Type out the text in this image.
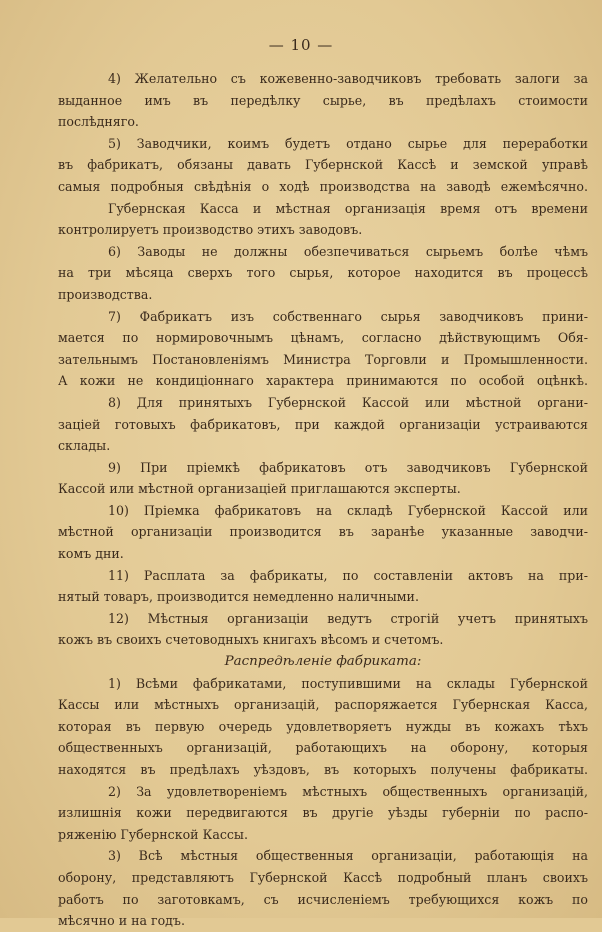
— 10 —
4) Желательно съ кожевенно-заводчиковъ требовать залоги за
выданное имъ въ передѣлку сырье, въ предѣлахъ стоимости
послѣдняго.
5) Заводчики, коимъ будетъ отдано сырье для переработки
въ фабрикатъ, обязаны давать Губернской Кассѣ и земской управѣ
самыя подробныя свѣдѣнія о ходѣ производства на заводѣ ежемѣсячно.
Губернская Касса и мѣстная организація время отъ времени
контролируетъ производство этихъ заводовъ.
6) Заводы не должны обезпечиваться сырьемъ болѣе чѣмъ
на три мѣсяца сверхъ того сырья, которое находится въ процессѣ
производства.
7) Фабрикатъ изъ собственнаго сырья заводчиковъ прини-
мается по нормировочнымъ цѣнамъ, согласно дѣйствующимъ Обя-
зательнымъ Постановленіямъ Министра Торговли и Промышленности.
А кожи не кондиціоннаго характера принимаются по особой оцѣнкѣ.
8) Для принятыхъ Губернской Кассой или мѣстной органи-
заціей готовыхъ фабрикатовъ, при каждой организаціи устраиваются
склады.
9) При пріемкѣ фабрикатовъ отъ заводчиковъ Губернской
Кассой или мѣстной организаціей приглашаются эксперты.
10) Пріемка фабрикатовъ на складѣ Губернской Кассой или
мѣстной организаціи производится въ заранѣе указанные заводчи-
комъ дни.
11) Расплата за фабрикаты, по составленіи актовъ на при-
нятый товаръ, производится немедленно наличными.
12) Мѣстныя организаціи ведутъ строгій учетъ принятыхъ
кожъ въ своихъ счетоводныхъ книгахъ вѣсомъ и счетомъ.
Распредѣленіе фабриката:
1) Всѣми фабрикатами, поступившими на склады Губернской
Кассы или мѣстныхъ организацій, распоряжается Губернская Касса,
которая въ первую очередь удовлетворяетъ нужды въ кожахъ тѣхъ
общественныхъ организацій, работающихъ на оборону, которыя
находятся въ предѣлахъ уѣздовъ, въ которыхъ получены фабрикаты.
2) За удовлетвореніемъ мѣстныхъ общественныхъ организацій,
излишнія кожи передвигаются въ другіе уѣзды губерніи по распо-
ряженію Губернской Кассы.
3) Всѣ мѣстныя общественныя организаціи, работающія на
оборону, представляютъ Губернской Кассѣ подробный планъ своихъ
работъ по заготовкамъ, съ исчисленіемъ требующихся кожъ по
мѣсячно и на годъ.
